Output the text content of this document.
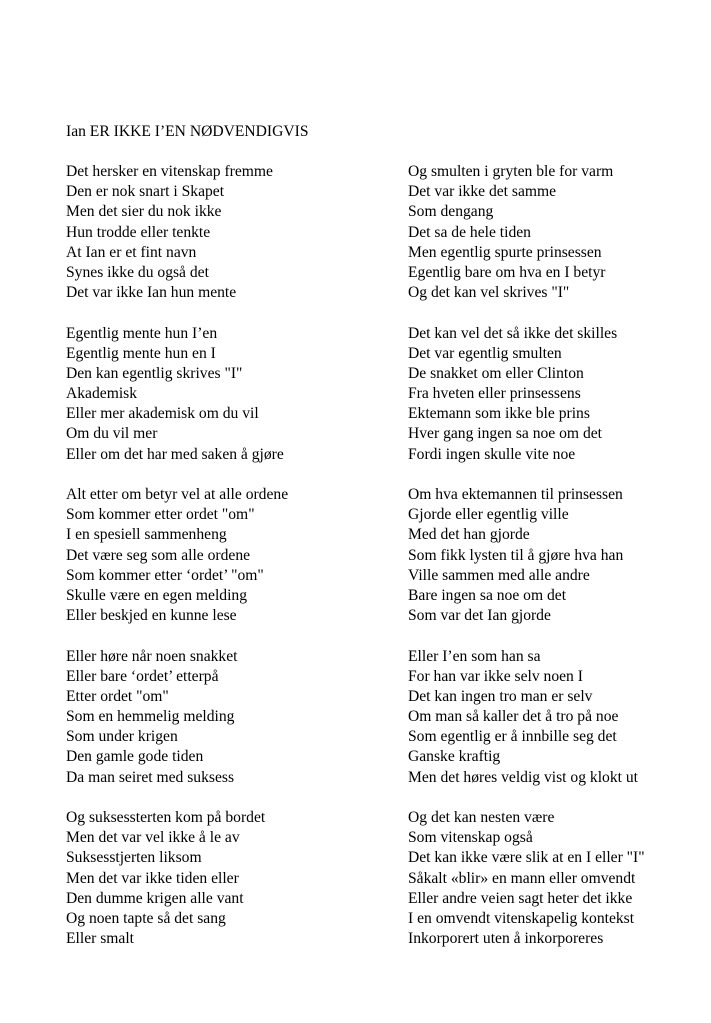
Ian ER IKKE I’EN NØDVENDIGVIS
Det hersker en vitenskap fremme
Den er nok snart i Skapet
Men det sier du nok ikke
Hun trodde eller tenkte
At Ian er et fint navn
Synes ikke du også det
Det var ikke Ian hun mente
Egentlig mente hun I’en
Egentlig mente hun en I
Den kan egentlig skrives "I"
Akademisk
Eller mer akademisk om du vil
Om du vil mer
Eller om det har med saken å gjøre
Alt etter om betyr vel at alle ordene
Som kommer etter ordet "om"
I en spesiell sammenheng
Det være seg som alle ordene
Som kommer etter ‘ordet’ "om"
Skulle være en egen melding
Eller beskjed en kunne lese
Eller høre når noen snakket
Eller bare ‘ordet’ etterpå
Etter ordet "om"
Som en hemmelig melding
Som under krigen
Den gamle gode tiden
Da man seiret med suksess
Og suksessterten kom på bordet
Men det var vel ikke å le av
Suksesstjerten liksom
Men det var ikke tiden eller
Den dumme krigen alle vant
Og noen tapte så det sang
Eller smalt
Og smulten i gryten ble for varm
Det var ikke det samme
Som dengang
Det sa de hele tiden
Men egentlig spurte prinsessen
Egentlig bare om hva en I betyr
Og det kan vel skrives "I"
Det kan vel det så ikke det skilles
Det var egentlig smulten
De snakket om eller Clinton
Fra hveten eller prinsessens
Ektemann som ikke ble prins
Hver gang ingen sa noe om det
Fordi ingen skulle vite noe
Om hva ektemannen til prinsessen
Gjorde eller egentlig ville
Med det han gjorde
Som fikk lysten til å gjøre hva han
Ville sammen med alle andre
Bare ingen sa noe om det
Som var det Ian gjorde
Eller I’en som han sa
For han var ikke selv noen I
Det kan ingen tro man er selv
Om man så kaller det å tro på noe
Som egentlig er å innbille seg det
Ganske kraftig
Men det høres veldig vist og klokt ut
Og det kan nesten være
Som vitenskap også
Det kan ikke være slik at en I eller "I"
Såkalt «blir» en mann eller omvendt
Eller andre veien sagt heter det ikke
I en omvendt vitenskapelig kontekst
Inkorporert uten å inkorporeres
